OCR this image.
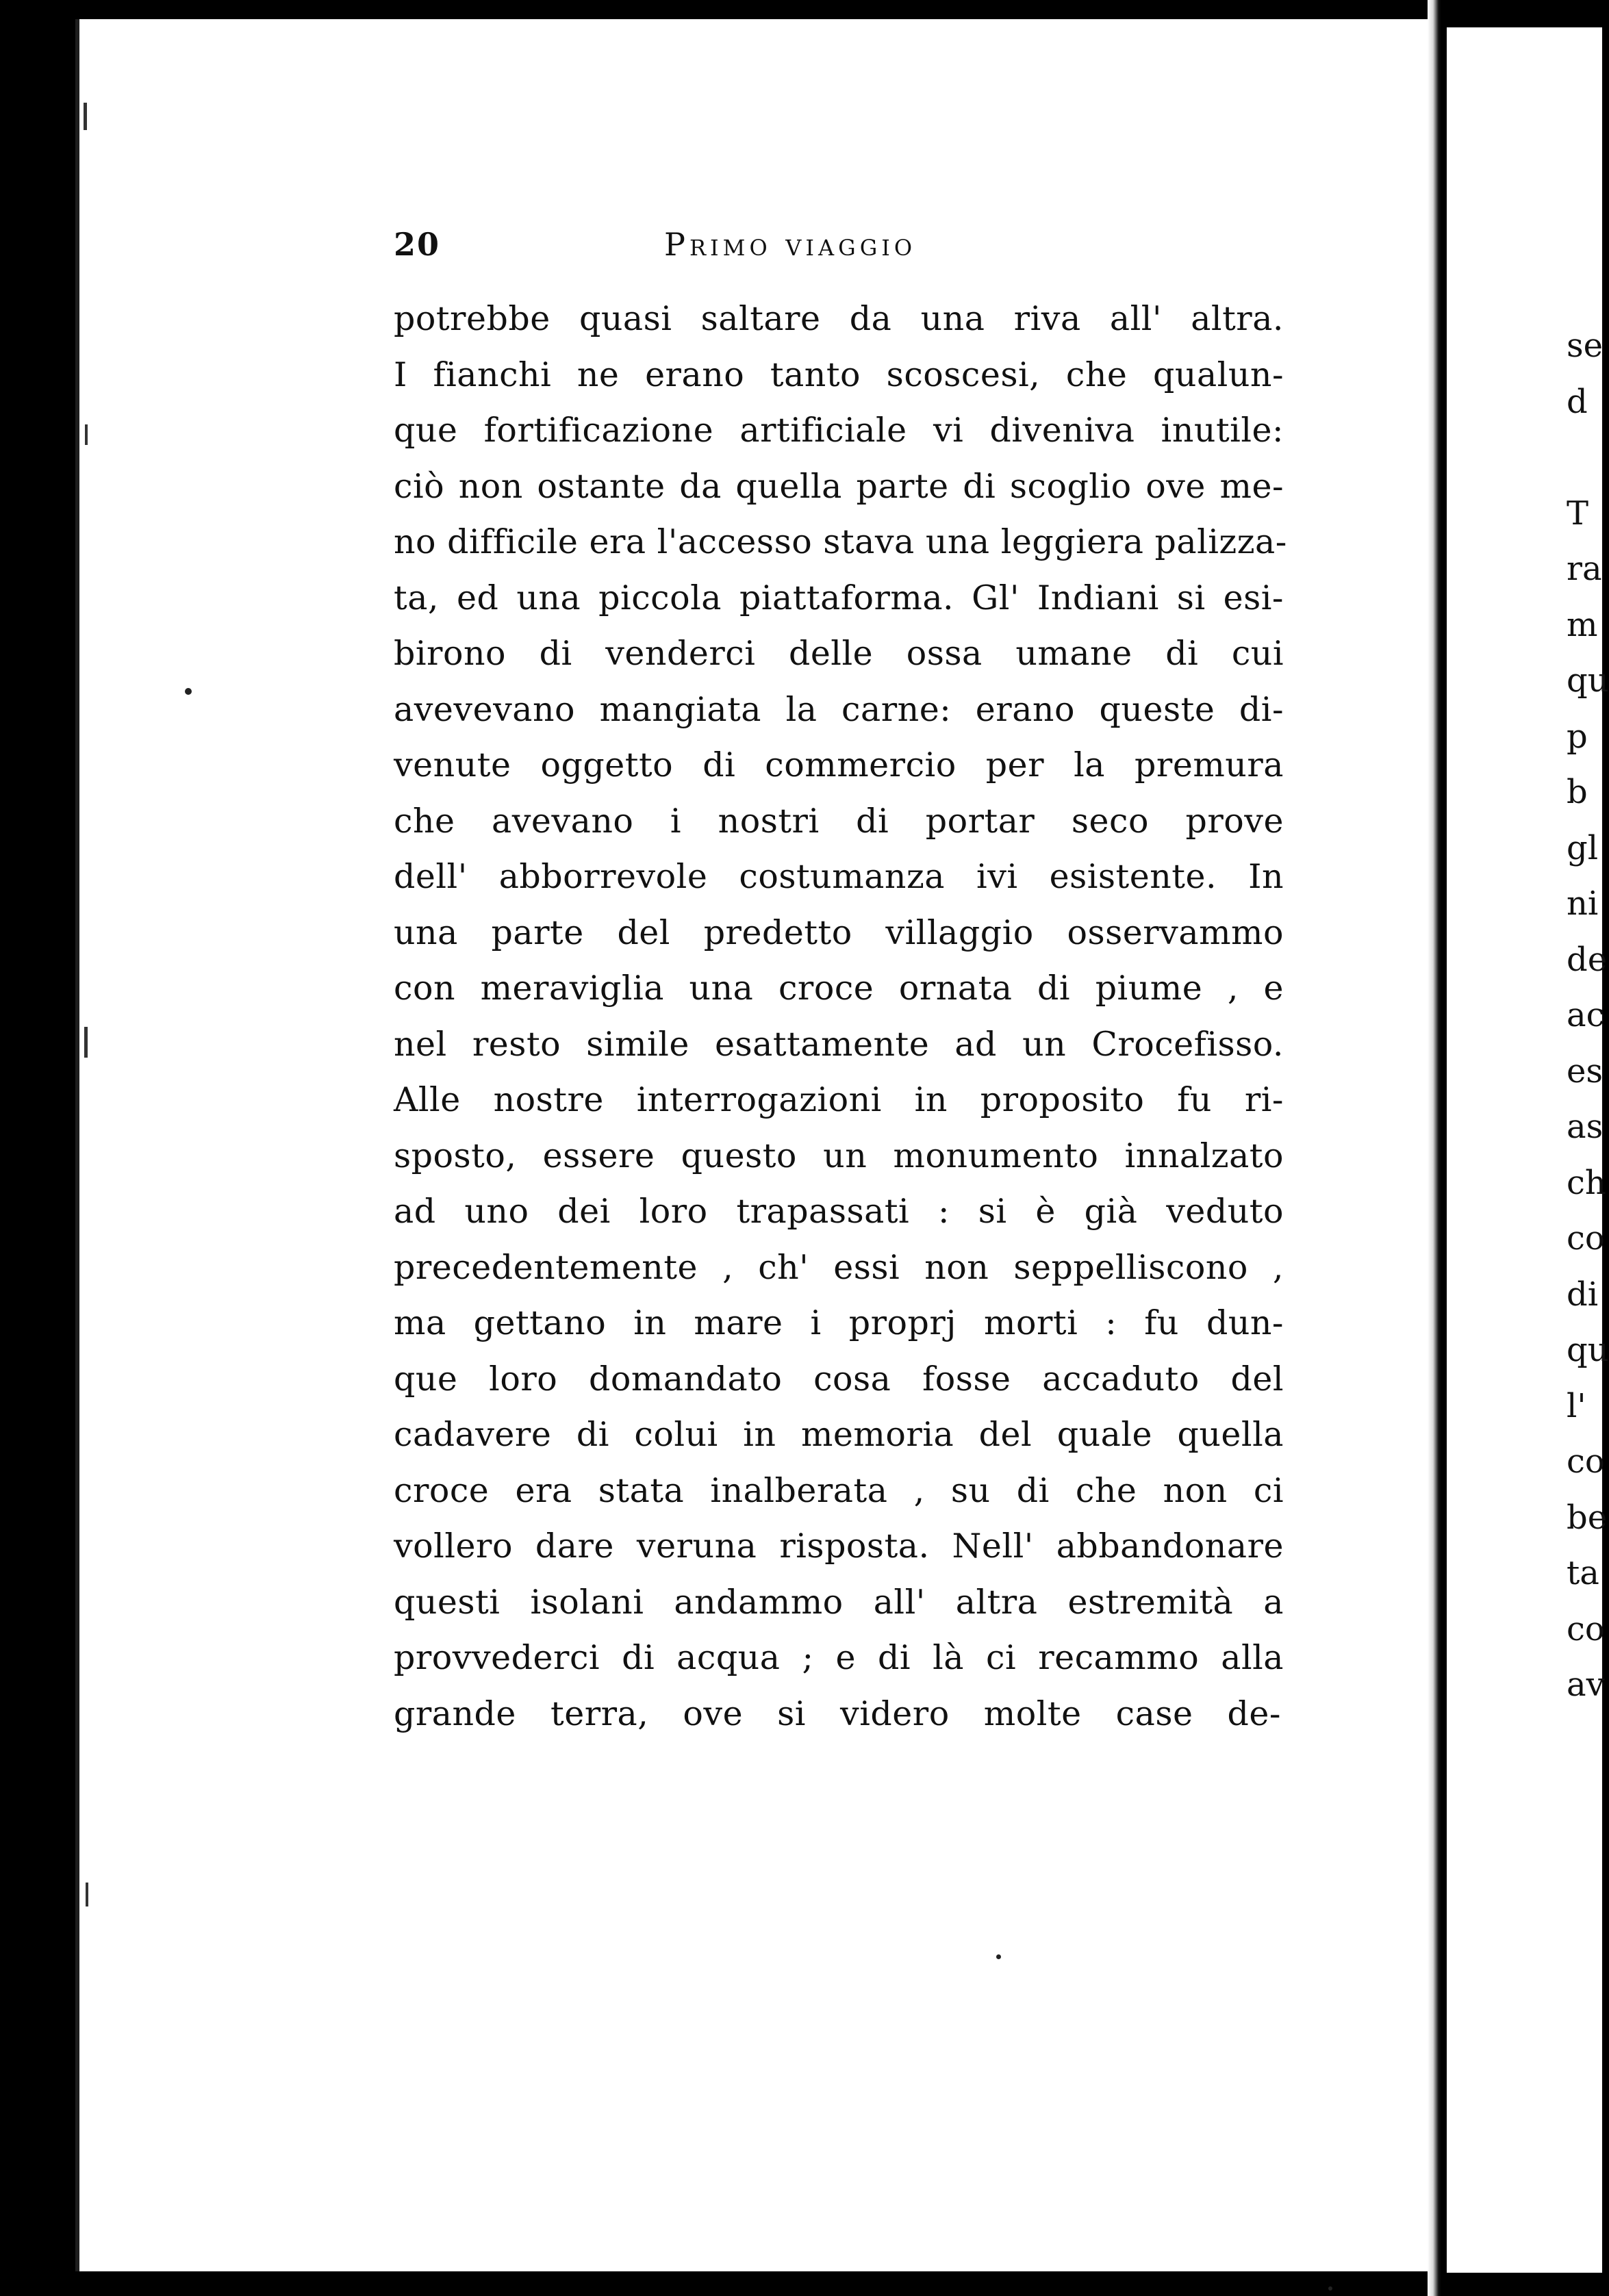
20	Primo viaggio
potrebbe quasi saltare da una riva all' altra.
I fianchi ne erano tanto scoscesi, che qualun-
que fortificazione artificiale vi diveniva inutile:
ciò non ostante da quella parte di scoglio ove me-
no difficile era l'accesso stava una leggiera palizza-
ta, ed una piccola piattaforma. Gl' Indiani si esi-
birono di venderci delle ossa umane di cui
avevevano mangiata la carne: erano queste di-
venute oggetto di commercio per la premura
che avevano i nostri di portar seco prove
dell' abborrevole costumanza ivi esistente. In
una parte del predetto villaggio osservammo
con meraviglia una croce ornata di piume , e
nel resto simile esattamente ad un Crocefisso.
Alle nostre interrogazioni in proposito fu ri-
sposto, essere questo un monumento innalzato
ad uno dei loro trapassati : si è già veduto
precedentemente , ch' essi non seppelliscono ,
ma gettano in mare i proprj morti : fu dun-
que loro domandato cosa fosse accaduto del
cadavere di colui in memoria del quale quella
croce era stata inalberata , su di che non ci
vollero dare veruna risposta. Nell' abbandonare
questi isolani andammo all' altra estremità a
provvederci di acqua ; e di là ci recammo alla
grande terra, ove si videro molte case de-
se
d
T
ra
m
qu
p
b
gl
ni
de
ac
es
as
ch
co
di
qu
l'
co
be
ta
co
av
